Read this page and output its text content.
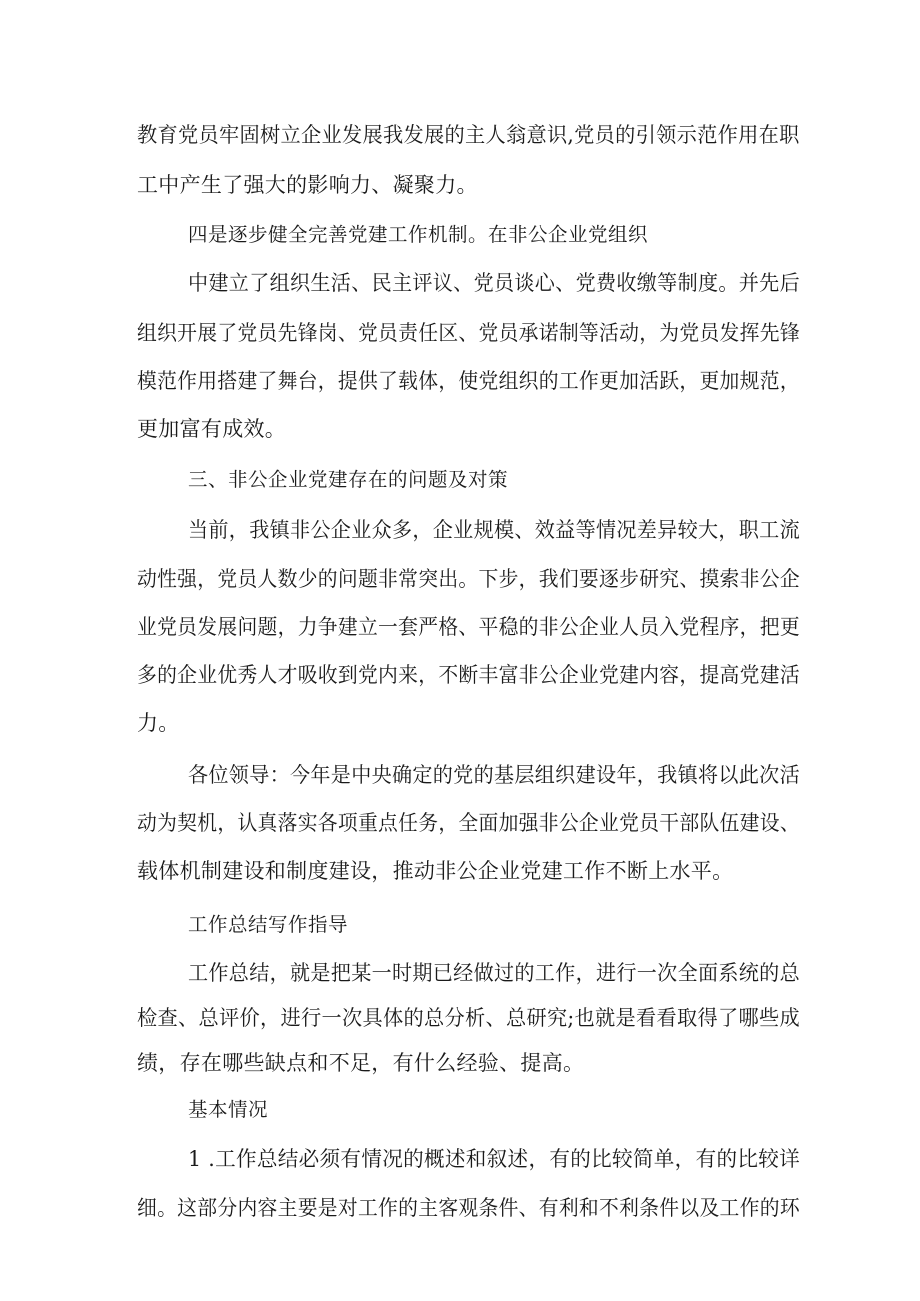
教育党员牢固树立企业发展我发展的主人翁意识,党员的引领示范作用在职
工中产生了强大的影响力、凝聚力。
四是逐步健全完善党建工作机制。在非公企业党组织
中建立了组织生活、民主评议、党员谈心、党费收缴等制度。并先后
组织开展了党员先锋岗、党员责任区、党员承诺制等活动，为党员发挥先锋
模范作用搭建了舞台，提供了载体，使党组织的工作更加活跃，更加规范，
更加富有成效。
三、非公企业党建存在的问题及对策
当前，我镇非公企业众多，企业规模、效益等情况差异较大，职工流
动性强，党员人数少的问题非常突出。下步，我们要逐步研究、摸索非公企
业党员发展问题，力争建立一套严格、平稳的非公企业人员入党程序，把更
多的企业优秀人才吸收到党内来，不断丰富非公企业党建内容，提高党建活
力。
各位领导：今年是中央确定的党的基层组织建设年，我镇将以此次活
动为契机，认真落实各项重点任务，全面加强非公企业党员干部队伍建设、
载体机制建设和制度建设，推动非公企业党建工作不断上水平。
工作总结写作指导
工作总结，就是把某一时期已经做过的工作，进行一次全面系统的总
检查、总评价，进行一次具体的总分析、总研究;也就是看看取得了哪些成
绩，存在哪些缺点和不足，有什么经验、提高。
基本情况
1 .工作总结必须有情况的概述和叙述，有的比较简单，有的比较详
细。这部分内容主要是对工作的主客观条件、有利和不利条件以及工作的环
